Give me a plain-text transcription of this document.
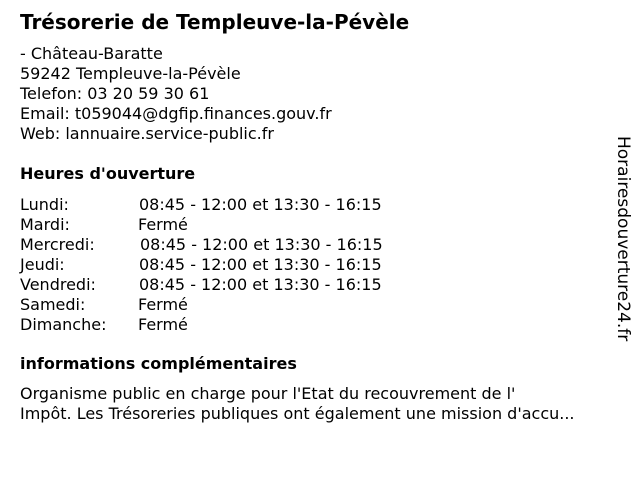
Trésorerie de Templeuve-la-Pévèle
- Château-Baratte
59242 Templeuve-la-Pévèle
Telefon: 03 20 59 30 61
Email: t059044@dgfip.finances.gouv.fr
Web: lannuaire.service-public.fr
Heures d'ouverture
Lundi:	08:45 - 12:00 et 13:30 - 16:15
Mardi:	Fermé
Mercredi:	08:45 - 12:00 et 13:30 - 16:15
Jeudi:	08:45 - 12:00 et 13:30 - 16:15
Vendredi:	08:45 - 12:00 et 13:30 - 16:15
Samedi:	Fermé
Dimanche: Fermé
informations complémentaires
Organisme public en charge pour l'Etat du recouvrement de l'
Impôt. Les Trésoreries publiques ont également une mission d'accu...
Horairesdouverture24.fr
